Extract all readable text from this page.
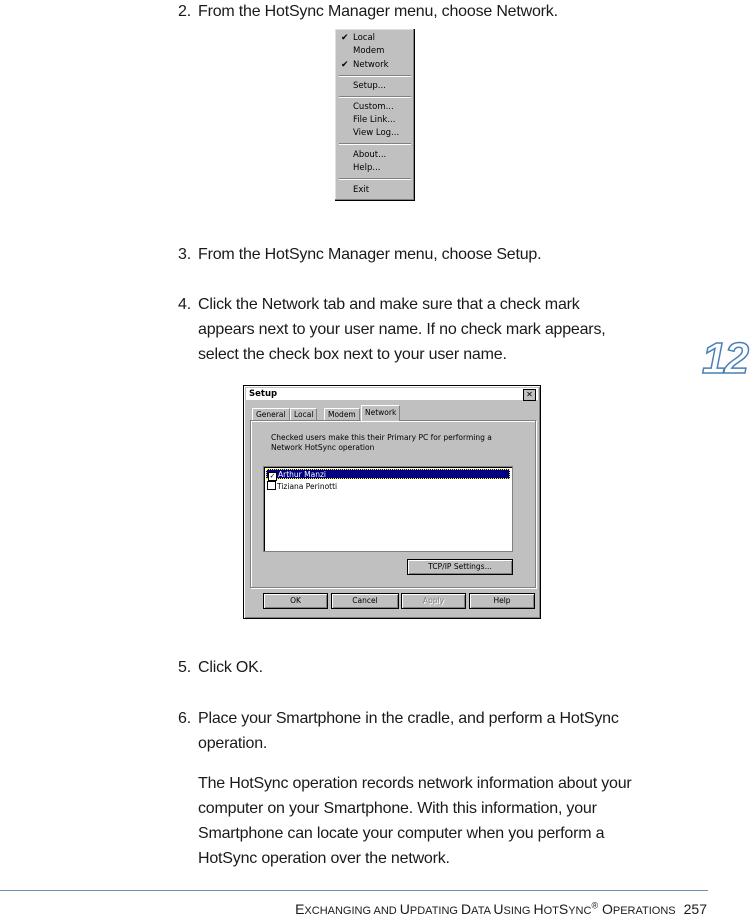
2. From the HotSync Manager menu, choose Network.
✔ Local
Modem
✔ Network
Setup...
Custom...
File Link...
View Log...
About...
Help...
Exit
3. From the HotSync Manager menu, choose Setup.
4. Click the Network tab and make sure that a check mark
appears next to your user name. If no check mark appears,
select the check box next to your user name.	12
Setup	✕
General	Local	Modem	Network
Checked users make this their Primary PC for performing a
Network HotSync operation
✓ Arthur Manzi
Tiziana Perinotti
TCP/IP Settings...
OK	Cancel	Apply	Help
5. Click OK.
6. Place your Smartphone in the cradle, and perform a HotSync
operation.
The HotSync operation records network information about your
computer on your Smartphone. With this information, your
Smartphone can locate your computer when you perform a
HotSync operation over the network.
EXCHANGING AND UPDATING DATA USING HOTSYNC® OPERATIONS 257
